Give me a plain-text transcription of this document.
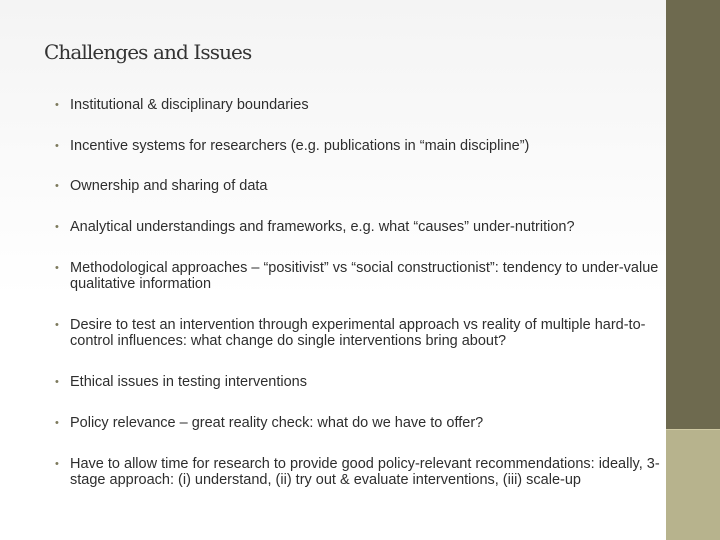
Challenges and Issues
• Institutional & disciplinary boundaries
• Incentive systems for researchers (e.g. publications in “main discipline”)
• Ownership and sharing of data
• Analytical understandings and frameworks, e.g. what “causes” under-nutrition?
• Methodological approaches – “positivist” vs “social constructionist”: tendency to under-value qualitative information
• Desire to test an intervention through experimental approach vs reality of multiple hard-to-control influences: what change do single interventions bring about?
• Ethical issues in testing interventions
• Policy relevance – great reality check: what do we have to offer?
• Have to allow time for research to provide good policy-relevant recommendations: ideally, 3-stage approach: (i) understand, (ii) try out & evaluate interventions, (iii) scale-up
